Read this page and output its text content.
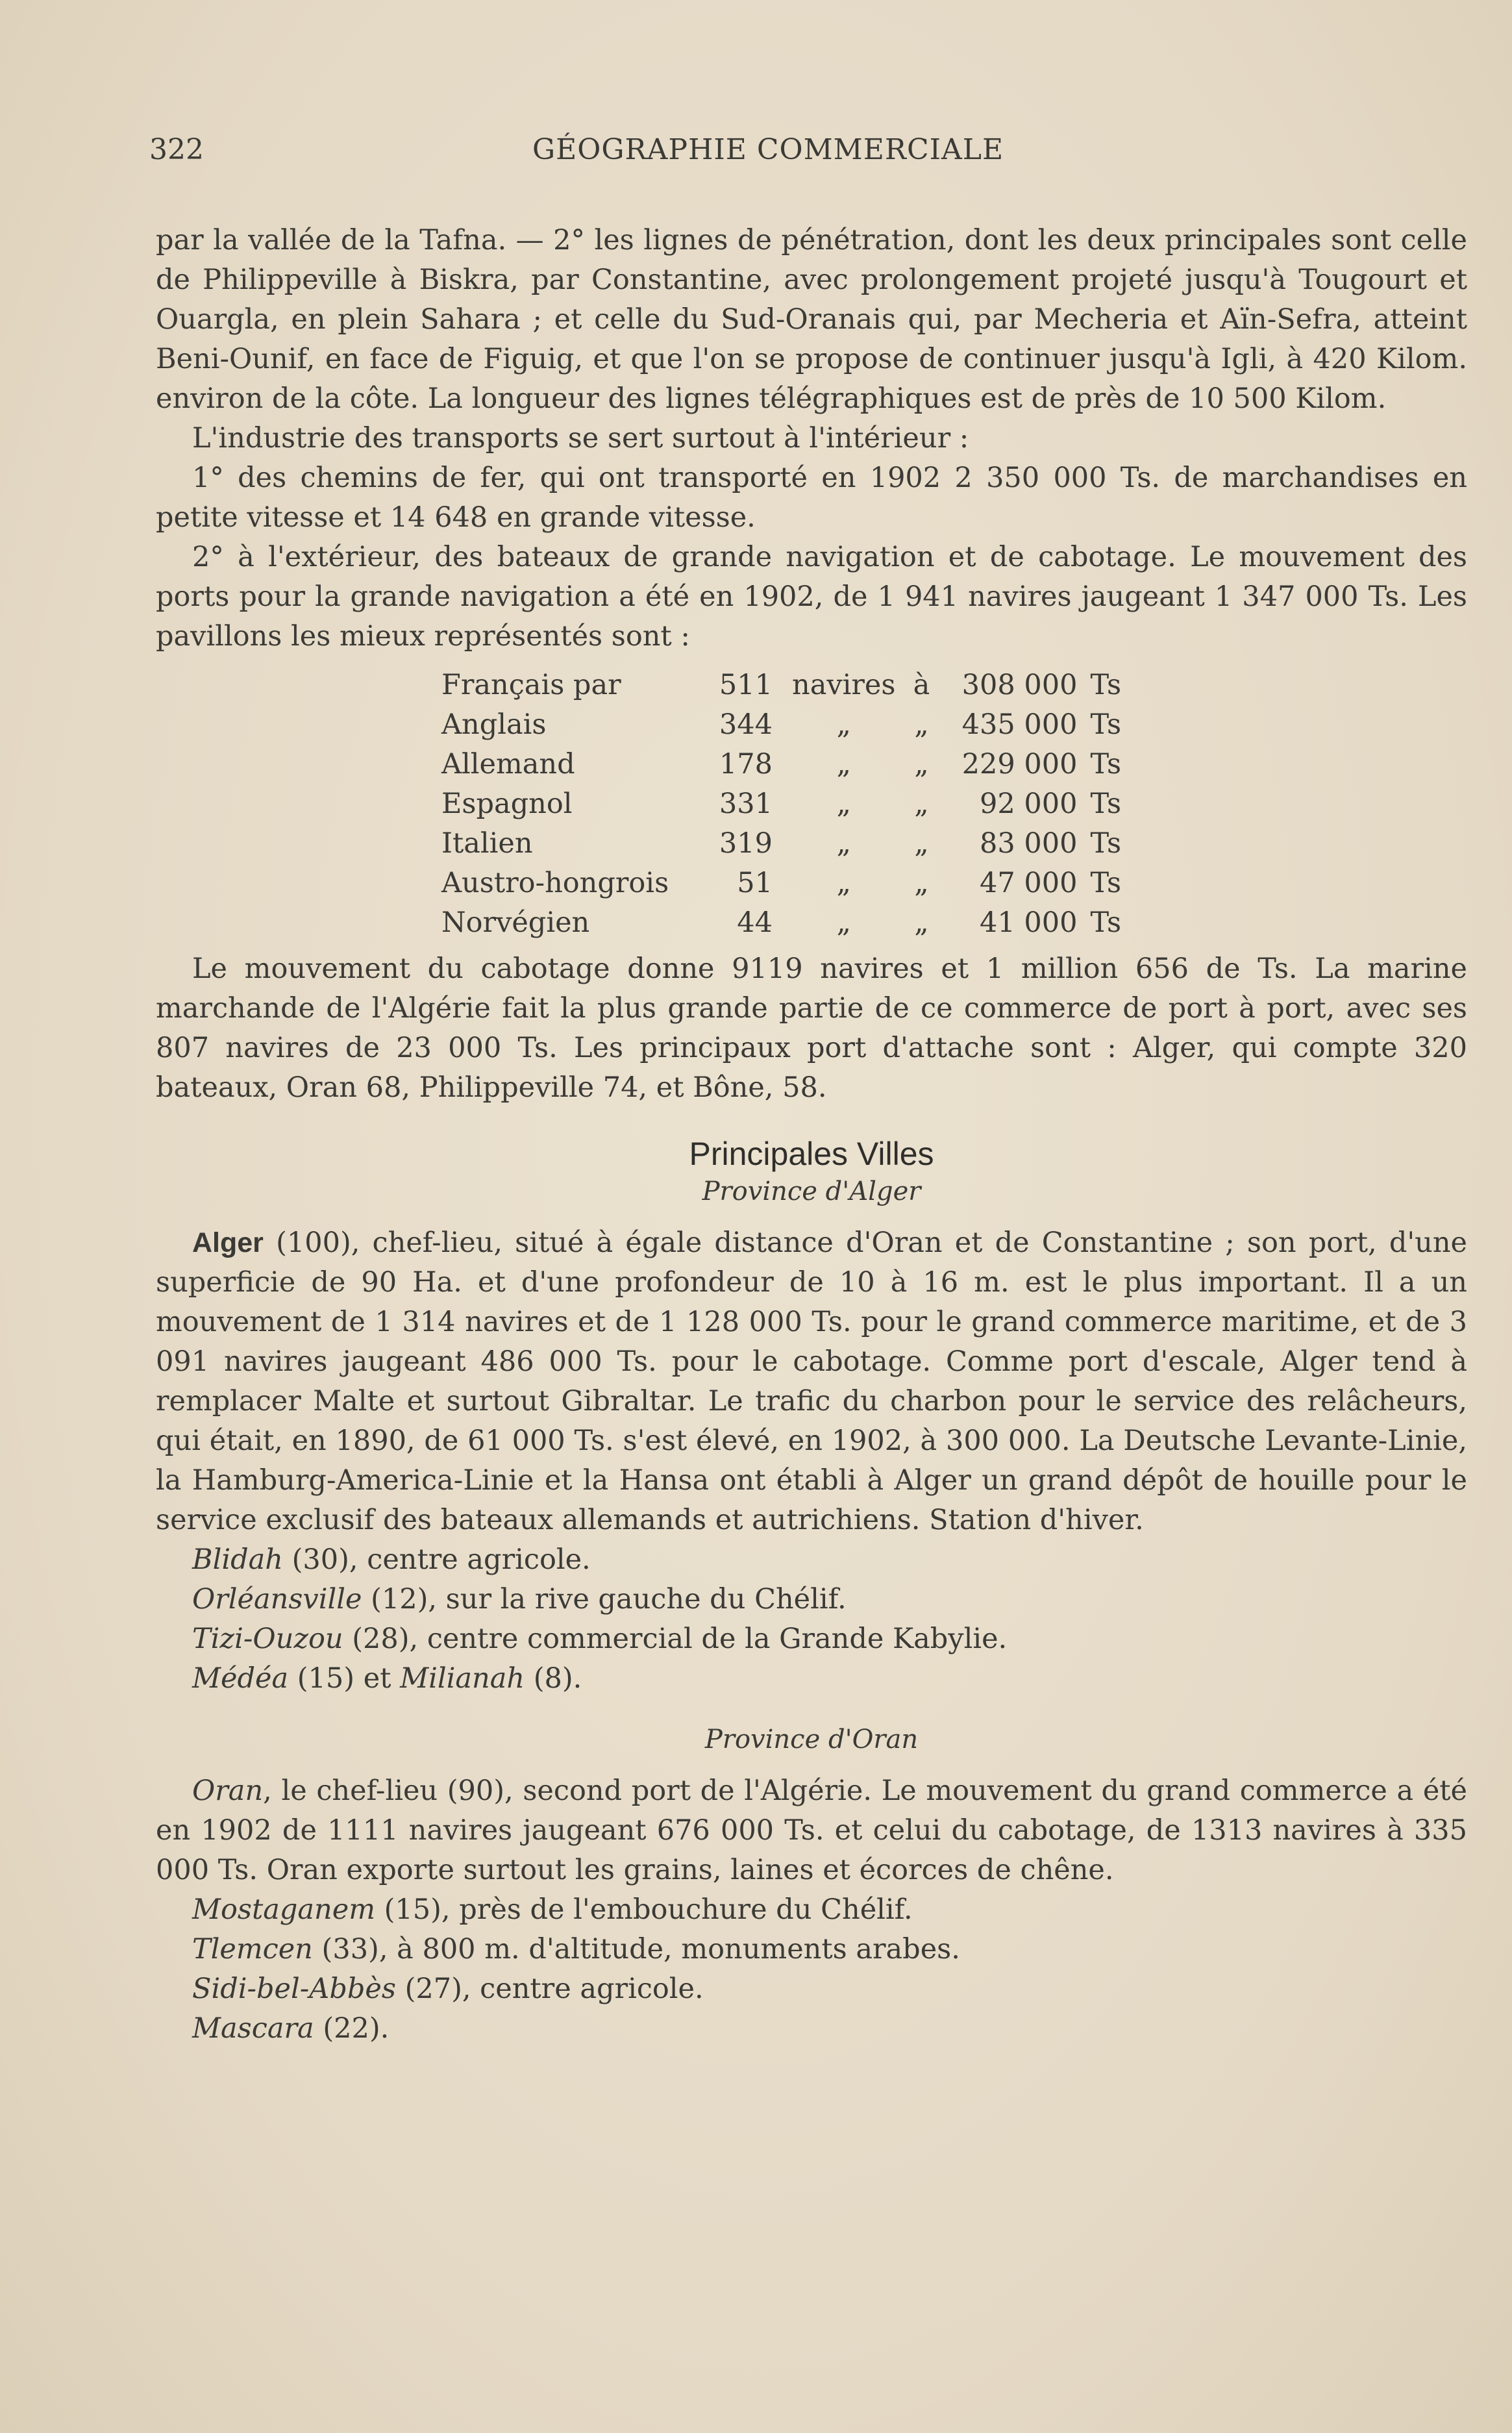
322	GÉOGRAPHIE COMMERCIALE

par la vallée de la Tafna. — 2° les lignes de pénétration, dont les deux principales sont celle de Philippeville à Biskra, par Constantine, avec prolongement projeté jusqu'à Tougourt et Ouargla, en plein Sahara ; et celle du Sud-Oranais qui, par Mecheria et Aïn-Sefra, atteint Beni-Ounif, en face de Figuig, et que l'on se propose de continuer jusqu'à Igli, à 420 Kilom. environ de la côte. La longueur des lignes télégraphiques est de près de 10 500 Kilom.

L'industrie des transports se sert surtout à l'intérieur :

1° des chemins de fer, qui ont transporté en 1902 2 350 000 Ts. de marchandises en petite vitesse et 14 648 en grande vitesse.

2° à l'extérieur, des bateaux de grande navigation et de cabotage. Le mouvement des ports pour la grande navigation a été en 1902, de 1 941 navires jaugeant 1 347 000 Ts. Les pavillons les mieux représentés sont :

Français par	511	navires	à	308 000	Ts
Anglais	344	„	„	435 000	Ts
Allemand	178	„	„	229 000	Ts
Espagnol	331	„	„	92 000	Ts
Italien	319	„	„	83 000	Ts
Austro-hongrois	51	„	„	47 000	Ts
Norvégien	44	„	„	41 000	Ts

Le mouvement du cabotage donne 9119 navires et 1 million 656 de Ts. La marine marchande de l'Algérie fait la plus grande partie de ce commerce de port à port, avec ses 807 navires de 23 000 Ts. Les principaux port d'attache sont : Alger, qui compte 320 bateaux, Oran 68, Philippeville 74, et Bône, 58.

Principales Villes
Province d'Alger

Alger (100), chef-lieu, situé à égale distance d'Oran et de Constantine ; son port, d'une superficie de 90 Ha. et d'une profondeur de 10 à 16 m. est le plus important. Il a un mouvement de 1 314 navires et de 1 128 000 Ts. pour le grand commerce maritime, et de 3 091 navires jaugeant 486 000 Ts. pour le cabotage. Comme port d'escale, Alger tend à remplacer Malte et surtout Gibraltar. Le trafic du charbon pour le service des relâcheurs, qui était, en 1890, de 61 000 Ts. s'est élevé, en 1902, à 300 000. La Deutsche Levante-Linie, la Hamburg-America-Linie et la Hansa ont établi à Alger un grand dépôt de houille pour le service exclusif des bateaux allemands et autrichiens. Station d'hiver.

Blidah (30), centre agricole.

Orléansville (12), sur la rive gauche du Chélif.

Tizi-Ouzou (28), centre commercial de la Grande Kabylie.

Médéa (15) et Milianah (8).

Province d'Oran

Oran, le chef-lieu (90), second port de l'Algérie. Le mouvement du grand commerce a été en 1902 de 1111 navires jaugeant 676 000 Ts. et celui du cabotage, de 1313 navires à 335 000 Ts. Oran exporte surtout les grains, laines et écorces de chêne.

Mostaganem (15), près de l'embouchure du Chélif.

Tlemcen (33), à 800 m. d'altitude, monuments arabes.

Sidi-bel-Abbès (27), centre agricole.

Mascara (22).
